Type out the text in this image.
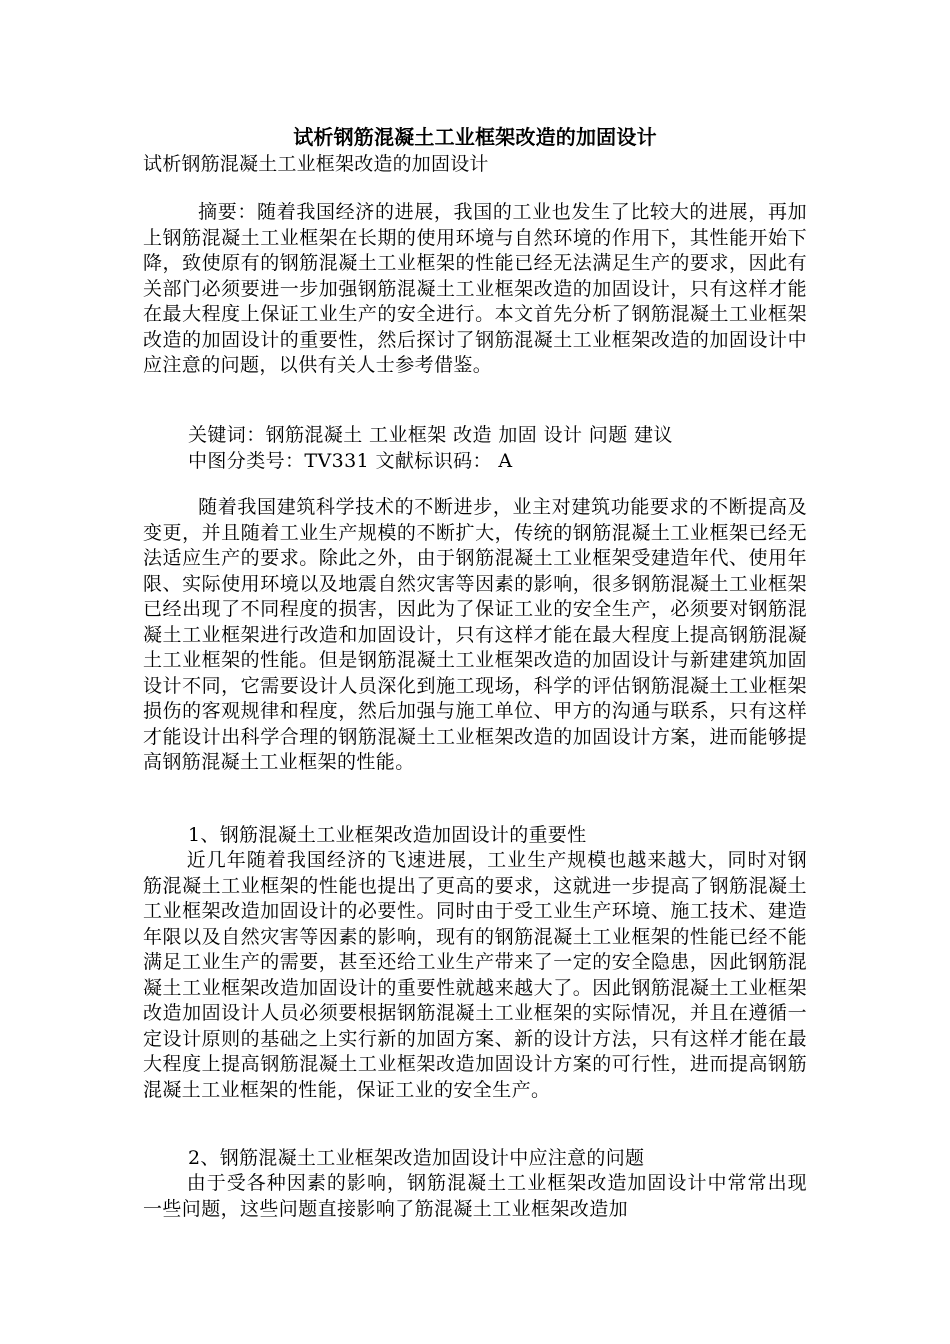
试析钢筋混凝土工业框架改造的加固设计
试析钢筋混凝土工业框架改造的加固设计

摘要：随着我国经济的进展，我国的工业也发生了比较大的进展，再加上钢筋混凝土工业框架在长期的使用环境与自然环境的作用下，其性能开始下降，致使原有的钢筋混凝土工业框架的性能已经无法满足生产的要求，因此有关部门必须要进一步加强钢筋混凝土工业框架改造的加固设计，只有这样才能在最大程度上保证工业生产的安全进行。本文首先分析了钢筋混凝土工业框架改造的加固设计的重要性，然后探讨了钢筋混凝土工业框架改造的加固设计中应注意的问题，以供有关人士参考借鉴。

关键词：钢筋混凝土 工业框架 改造 加固 设计 问题 建议
中图分类号：TV331 文献标识码： A

随着我国建筑科学技术的不断进步，业主对建筑功能要求的不断提高及变更，并且随着工业生产规模的不断扩大，传统的钢筋混凝土工业框架已经无法适应生产的要求。除此之外，由于钢筋混凝土工业框架受建造年代、使用年限、实际使用环境以及地震自然灾害等因素的影响，很多钢筋混凝土工业框架已经出现了不同程度的损害，因此为了保证工业的安全生产，必须要对钢筋混凝土工业框架进行改造和加固设计，只有这样才能在最大程度上提高钢筋混凝土工业框架的性能。但是钢筋混凝土工业框架改造的加固设计与新建建筑加固设计不同，它需要设计人员深化到施工现场，科学的评估钢筋混凝土工业框架损伤的客观规律和程度，然后加强与施工单位、甲方的沟通与联系，只有这样才能设计出科学合理的钢筋混凝土工业框架改造的加固设计方案，进而能够提高钢筋混凝土工业框架的性能。

1、钢筋混凝土工业框架改造加固设计的重要性

近几年随着我国经济的飞速进展，工业生产规模也越来越大，同时对钢筋混凝土工业框架的性能也提出了更高的要求，这就进一步提高了钢筋混凝土工业框架改造加固设计的必要性。同时由于受工业生产环境、施工技术、建造年限以及自然灾害等因素的影响，现有的钢筋混凝土工业框架的性能已经不能满足工业生产的需要，甚至还给工业生产带来了一定的安全隐患，因此钢筋混凝土工业框架改造加固设计的重要性就越来越大了。因此钢筋混凝土工业框架改造加固设计人员必须要根据钢筋混凝土工业框架的实际情况，并且在遵循一定设计原则的基础之上实行新的加固方案、新的设计方法，只有这样才能在最大程度上提高钢筋混凝土工业框架改造加固设计方案的可行性，进而提高钢筋混凝土工业框架的性能，保证工业的安全生产。

2、钢筋混凝土工业框架改造加固设计中应注意的问题

由于受各种因素的影响，钢筋混凝土工业框架改造加固设计中常常出现一些问题，这些问题直接影响了筋混凝土工业框架改造加
